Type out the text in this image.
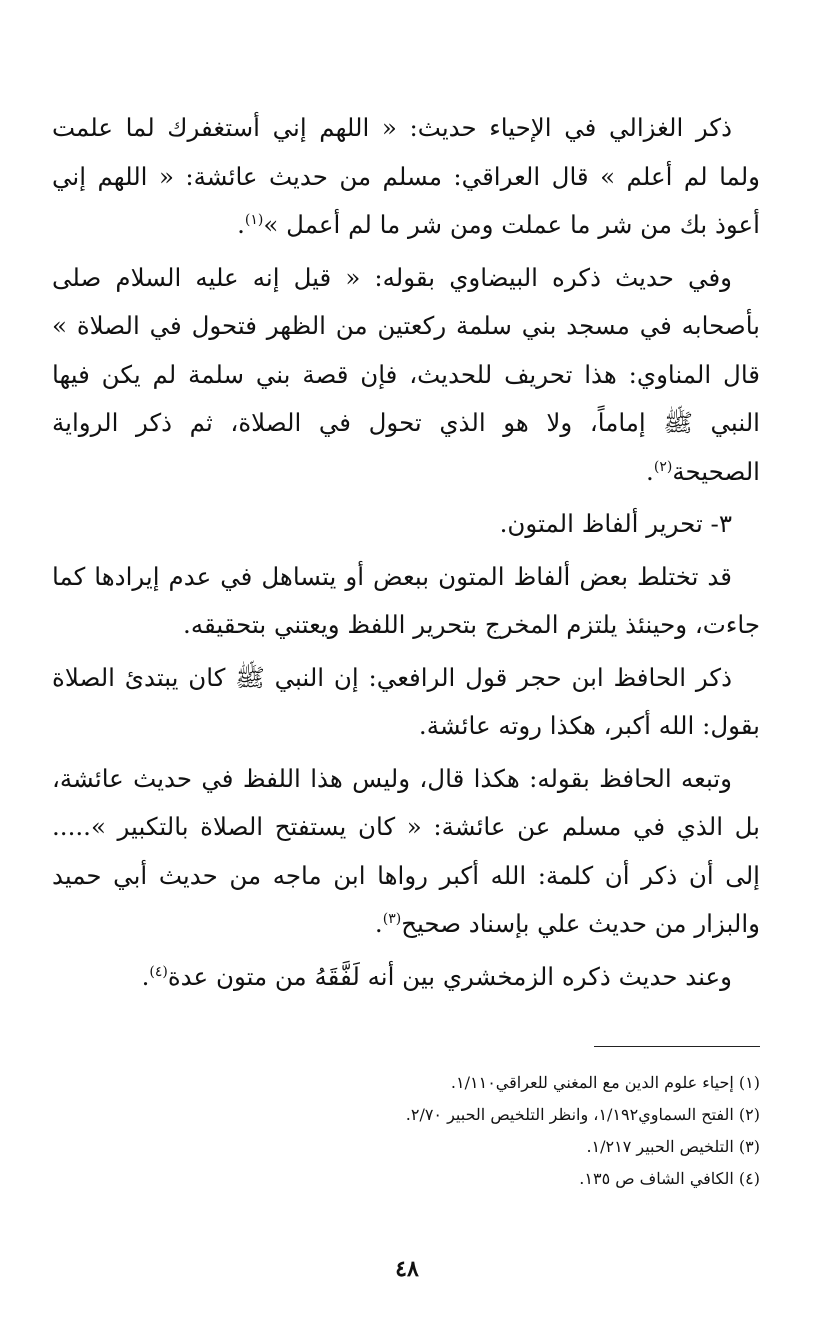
ذكر الغزالي في الإحياء حديث: « اللهم إني أستغفرك لما علمت ولما لم أعلم » قال العراقي: مسلم من حديث عائشة: « اللهم إني أعوذ بك من شر ما عملت ومن شر ما لم أعمل »$^{(١)}$.

وفي حديث ذكره البيضاوي بقوله: « قيل إنه عليه السلام صلى بأصحابه في مسجد بني سلمة ركعتين من الظهر فتحول في الصلاة » قال المناوي: هذا تحريف للحديث، فإن قصة بني سلمة لم يكن فيها النبي ﷺ إماماً، ولا هو الذي تحول في الصلاة، ثم ذكر الرواية الصحيحة$^{(٢)}$.

٣- تحرير ألفاظ المتون.

قد تختلط بعض ألفاظ المتون ببعض أو يتساهل في عدم إيرادها كما جاءت، وحينئذ يلتزم المخرج بتحرير اللفظ ويعتني بتحقيقه.

ذكر الحافظ ابن حجر قول الرافعي: إن النبي ﷺ كان يبتدئ الصلاة بقول: الله أكبر، هكذا روته عائشة.

وتبعه الحافظ بقوله: هكذا قال، وليس هذا اللفظ في حديث عائشة، بل الذي في مسلم عن عائشة: « كان يستفتح الصلاة بالتكبير »..... إلى أن ذكر أن كلمة: الله أكبر رواها ابن ماجه من حديث أبي حميد والبزار من حديث علي بإسناد صحيح$^{(٣)}$.

وعند حديث ذكره الزمخشري بين أنه لَفَّقَهُ من متون عدة$^{(٤)}$.

(١) إحياء علوم الدين مع المغني للعراقي١/١١٠.

(٢) الفتح السماوي١/١٩٢، وانظر التلخيص الحبير ٢/٧٠.

(٣) التلخيص الحبير ١/٢١٧.

(٤) الكافي الشاف ص ١٣٥.

٤٨
